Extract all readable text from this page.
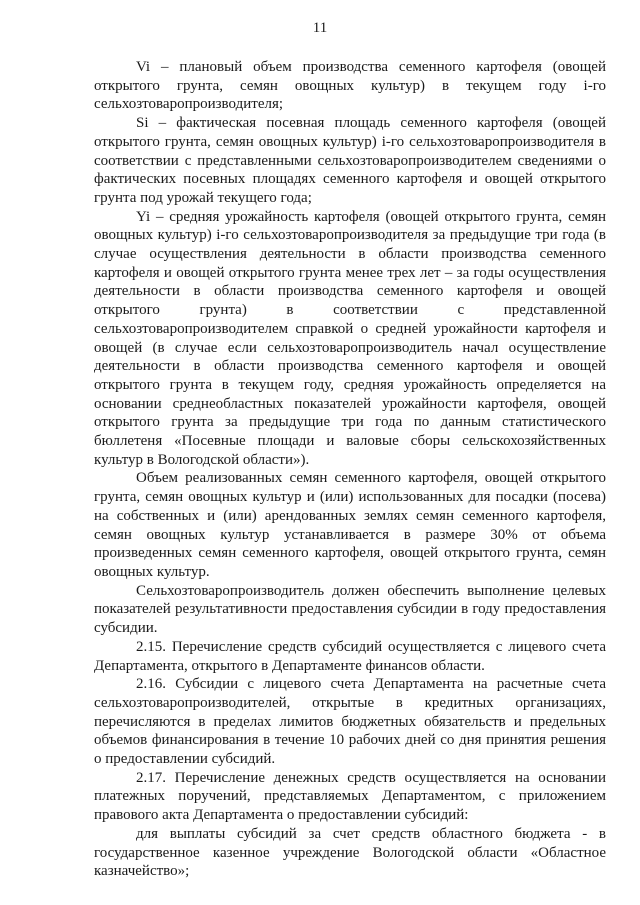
11

Vi – плановый объем производства семенного картофеля (овощей открытого грунта, семян овощных культур) в текущем году i-го сельхозтоваропроизводителя;

Si – фактическая посевная площадь семенного картофеля (овощей открытого грунта, семян овощных культур) i-го сельхозтоваропроизводителя в соответствии с представленными сельхозтоваропроизводителем сведениями о фактических посевных площадях семенного картофеля и овощей открытого грунта под урожай текущего года;

Yi – средняя урожайность картофеля (овощей открытого грунта, семян овощных культур) i-го сельхозтоваропроизводителя за предыдущие три года (в случае осуществления деятельности в области производства семенного картофеля и овощей открытого грунта менее трех лет – за годы осуществления деятельности в области производства семенного картофеля и овощей открытого грунта) в соответствии с представленной сельхозтоваропроизводителем справкой о средней урожайности картофеля и овощей (в случае если сельхозтоваропроизводитель начал осуществление деятельности в области производства семенного картофеля и овощей открытого грунта в текущем году, средняя урожайность определяется на основании среднеобластных показателей урожайности картофеля, овощей открытого грунта за предыдущие три года по данным статистического бюллетеня «Посевные площади и валовые сборы сельскохозяйственных культур в Вологодской области»).

Объем реализованных семян семенного картофеля, овощей открытого грунта, семян овощных культур и (или) использованных для посадки (посева) на собственных и (или) арендованных землях семян семенного картофеля, семян овощных культур устанавливается в размере 30% от объема произведенных семян семенного картофеля, овощей открытого грунта, семян овощных культур.

Сельхозтоваропроизводитель должен обеспечить выполнение целевых показателей результативности предоставления субсидии в году предоставления субсидии.

2.15. Перечисление средств субсидий осуществляется с лицевого счета Департамента, открытого в Департаменте финансов области.

2.16. Субсидии с лицевого счета Департамента на расчетные счета сельхозтоваропроизводителей, открытые в кредитных организациях, перечисляются в пределах лимитов бюджетных обязательств и предельных объемов финансирования в течение 10 рабочих дней со дня принятия решения о предоставлении субсидий.

2.17. Перечисление денежных средств осуществляется на основании платежных поручений, представляемых Департаментом, с приложением правового акта Департамента о предоставлении субсидий:

для выплаты субсидий за счет средств областного бюджета - в государственное казенное учреждение Вологодской области «Областное казначейство»;
